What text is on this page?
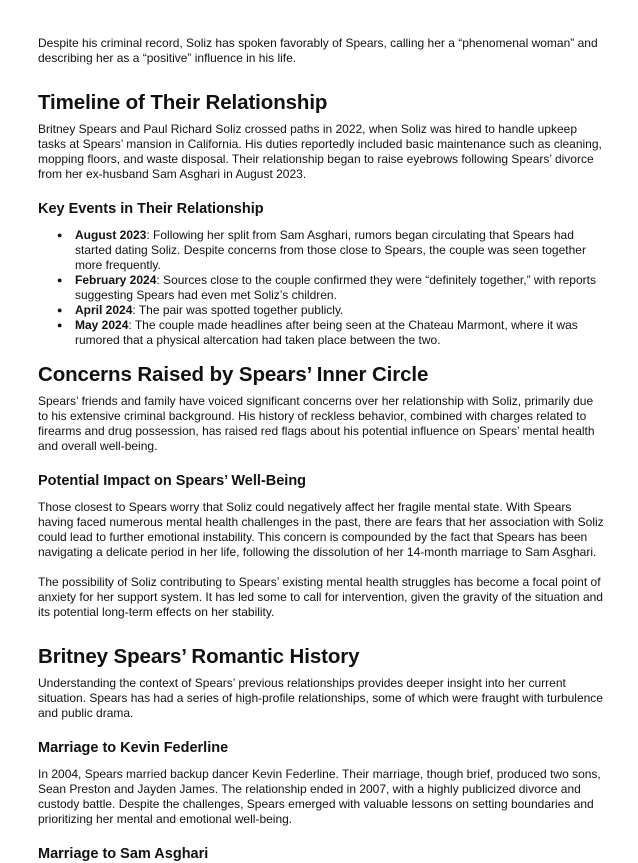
Despite his criminal record, Soliz has spoken favorably of Spears, calling her a “phenomenal woman” and describing her as a “positive” influence in his life.

Timeline of Their Relationship

Britney Spears and Paul Richard Soliz crossed paths in 2022, when Soliz was hired to handle upkeep tasks at Spears’ mansion in California. His duties reportedly included basic maintenance such as cleaning, mopping floors, and waste disposal. Their relationship began to raise eyebrows following Spears’ divorce from her ex-husband Sam Asghari in August 2023.

Key Events in Their Relationship
● August 2023: Following her split from Sam Asghari, rumors began circulating that Spears had started dating Soliz. Despite concerns from those close to Spears, the couple was seen together more frequently.
● February 2024: Sources close to the couple confirmed they were “definitely together,” with reports suggesting Spears had even met Soliz’s children.
● April 2024: The pair was spotted together publicly.
● May 2024: The couple made headlines after being seen at the Chateau Marmont, where it was rumored that a physical altercation had taken place between the two.
Concerns Raised by Spears’ Inner Circle

Spears’ friends and family have voiced significant concerns over her relationship with Soliz, primarily due to his extensive criminal background. His history of reckless behavior, combined with charges related to firearms and drug possession, has raised red flags about his potential influence on Spears’ mental health and overall well-being.

Potential Impact on Spears’ Well-Being

Those closest to Spears worry that Soliz could negatively affect her fragile mental state. With Spears having faced numerous mental health challenges in the past, there are fears that her association with Soliz could lead to further emotional instability. This concern is compounded by the fact that Spears has been navigating a delicate period in her life, following the dissolution of her 14-month marriage to Sam Asghari.

The possibility of Soliz contributing to Spears’ existing mental health struggles has become a focal point of anxiety for her support system. It has led some to call for intervention, given the gravity of the situation and its potential long-term effects on her stability.

Britney Spears’ Romantic History

Understanding the context of Spears’ previous relationships provides deeper insight into her current situation. Spears has had a series of high-profile relationships, some of which were fraught with turbulence and public drama.

Marriage to Kevin Federline

In 2004, Spears married backup dancer Kevin Federline. Their marriage, though brief, produced two sons, Sean Preston and Jayden James. The relationship ended in 2007, with a highly publicized divorce and custody battle. Despite the challenges, Spears emerged with valuable lessons on setting boundaries and prioritizing her mental and emotional well-being.

Marriage to Sam Asghari
